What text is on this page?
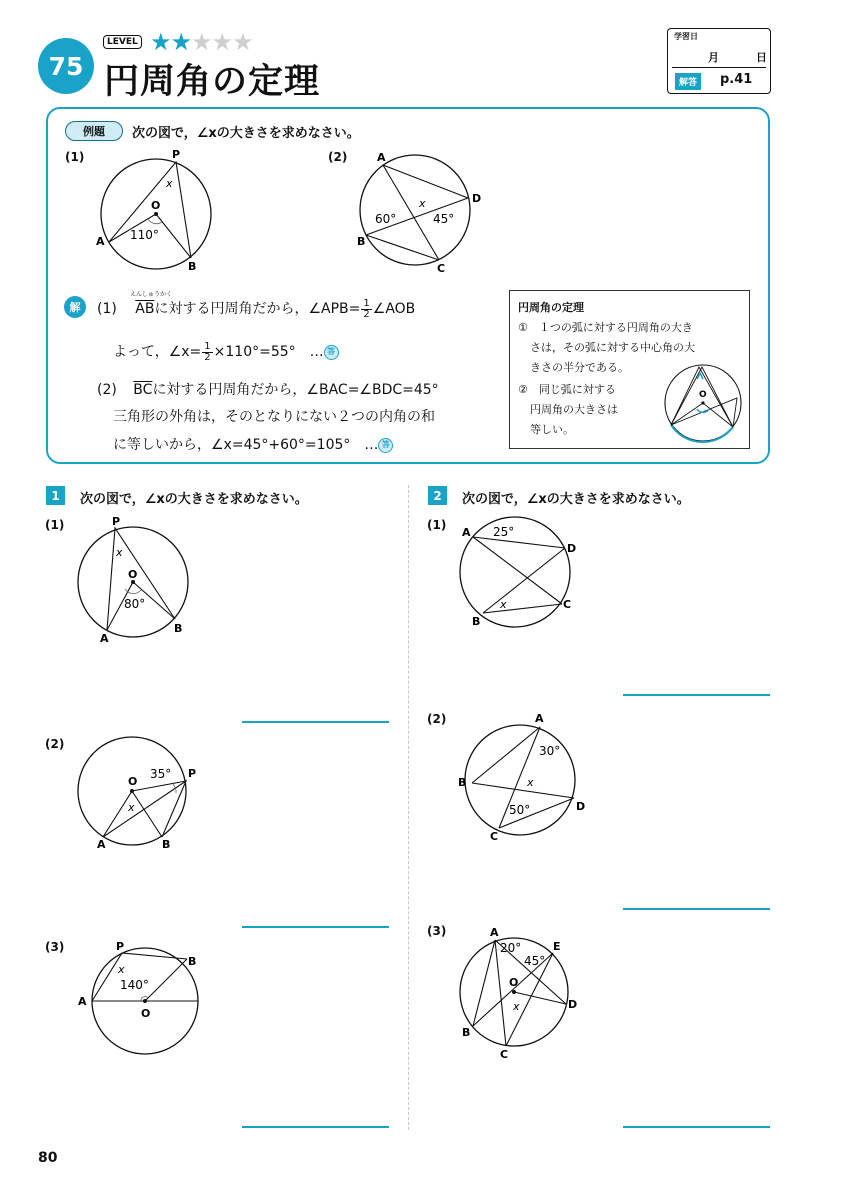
75
LEVEL ★★★★★
円周角の定理
学習日
月	日
解答	p.41
例題	次の図で，∠xの大きさを求めなさい。
(1)	P
A
B
O
x
110°
(2)	A
B
C
D
x
60°	45°
解
えんしゅうかく
(1) $\overline{AB}$に対する円周角だから，∠APB= $\frac{1}{2}$ ∠AOB
よって，∠x= $\frac{1}{2} \times 110^\circ=55^\circ$　… 答
(2) $\overline{BC}$に対する円周角だから，∠BAC=∠BDC=45°
三角形の外角は，そのとなりにない２つの内角の和
に等しいから，∠x=45°+60°=105°　… 答
円周角の定理
①　１つの弧に対する円周角の大き
さは，その弧に対する中心角の大
きさの半分である。
②　同じ弧に対する
円周角の大きさは
等しい。
O
1	次の図で，∠xの大きさを求めなさい。
(1)	P
A
B
O
x
80°
(2)
O
P
A	B
x
35°
(3)	P
B
A
O
x
140°
2	次の図で，∠xの大きさを求めなさい。
(1)
A
D
C
B
x
25°
(2)	A
B
C
D
x
30°
50°
(3)	A
E
D
C
B
O
x
20°
45°
80
